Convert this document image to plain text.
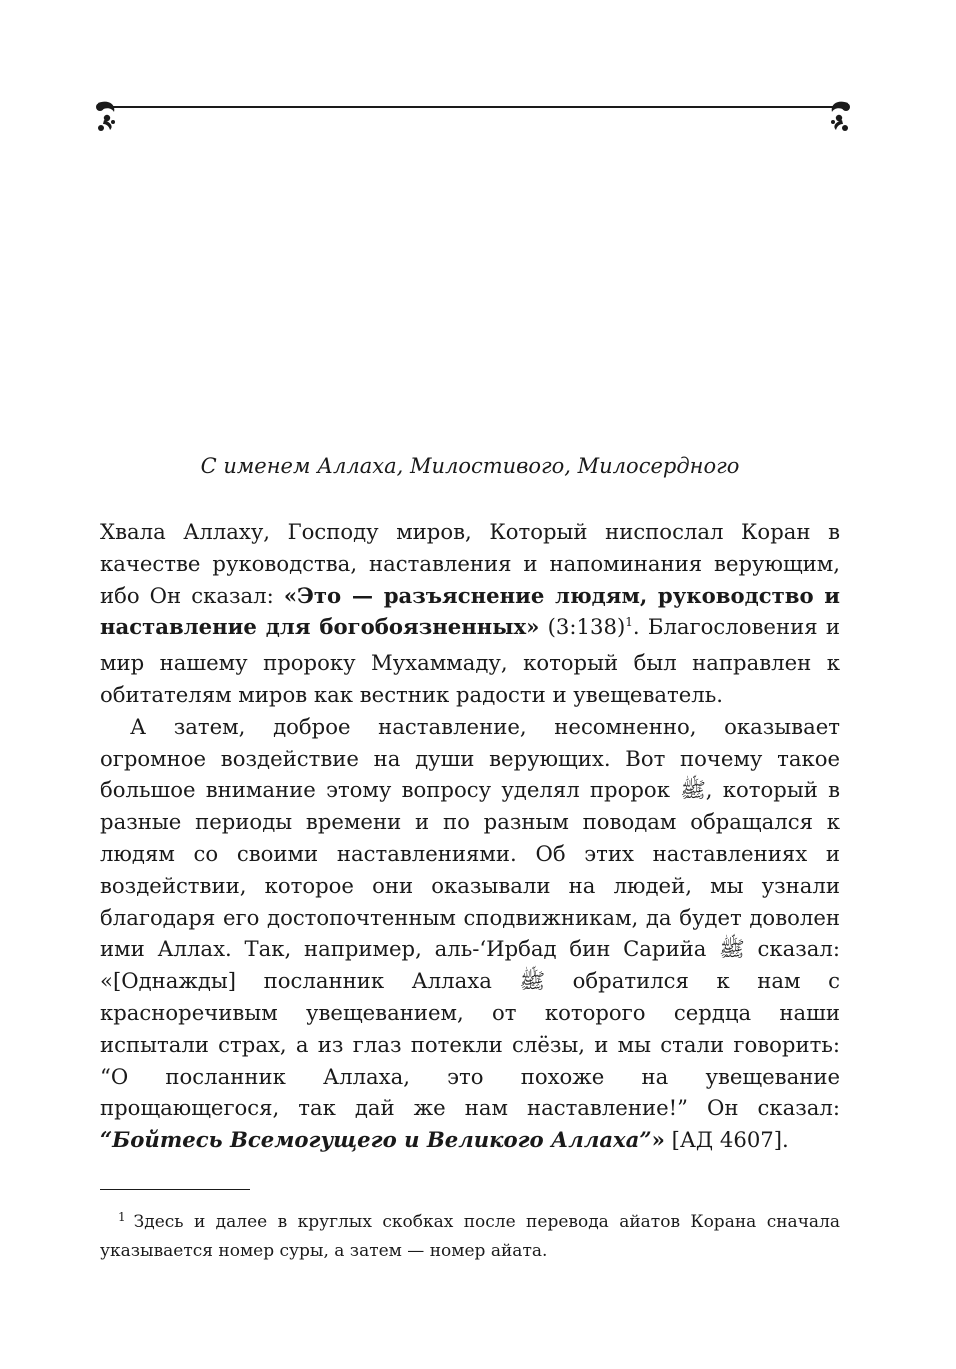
С именем Аллаха, Милостивого, Милосердного

Хвала Аллаху, Господу миров, Который ниспослал Коран в качестве руководства, наставления и напоминания верующим, ибо Он сказал: «Это — разъяснение людям, руководство и наставление для богобоязненных» (3:138)$^1$. Благословения и мир нашему пророку Мухаммаду, который был направлен к обитателям миров как вестник радости и увещеватель.

А затем, доброе наставление, несомненно, оказывает огромное воздействие на души верующих. Вот почему такое большое внимание этому вопросу уделял пророк ﷺ, который в разные периоды времени и по разным поводам обращался к людям со своими наставлениями. Об этих наставлениях и воздействии, которое они оказывали на людей, мы узнали благодаря его достопочтенным сподвижникам, да будет доволен ими Аллах. Так, например, аль-‘Ирбад бин Сарийа ﷺ сказал: «[Однажды] посланник Аллаха ﷺ обратился к нам с красноречивым увещеванием, от которого сердца наши испытали страх, а из глаз потекли слёзы, и мы стали говорить: “О посланник Аллаха, это похоже на увещевание прощающегося, так дай же нам наставление!” Он сказал: “Бойтесь Всемогущего и Великого Аллаха”» [АД 4607].

$^1$ Здесь и далее в круглых скобках после перевода айатов Корана сначала указывается номер суры, а затем — номер айата.
